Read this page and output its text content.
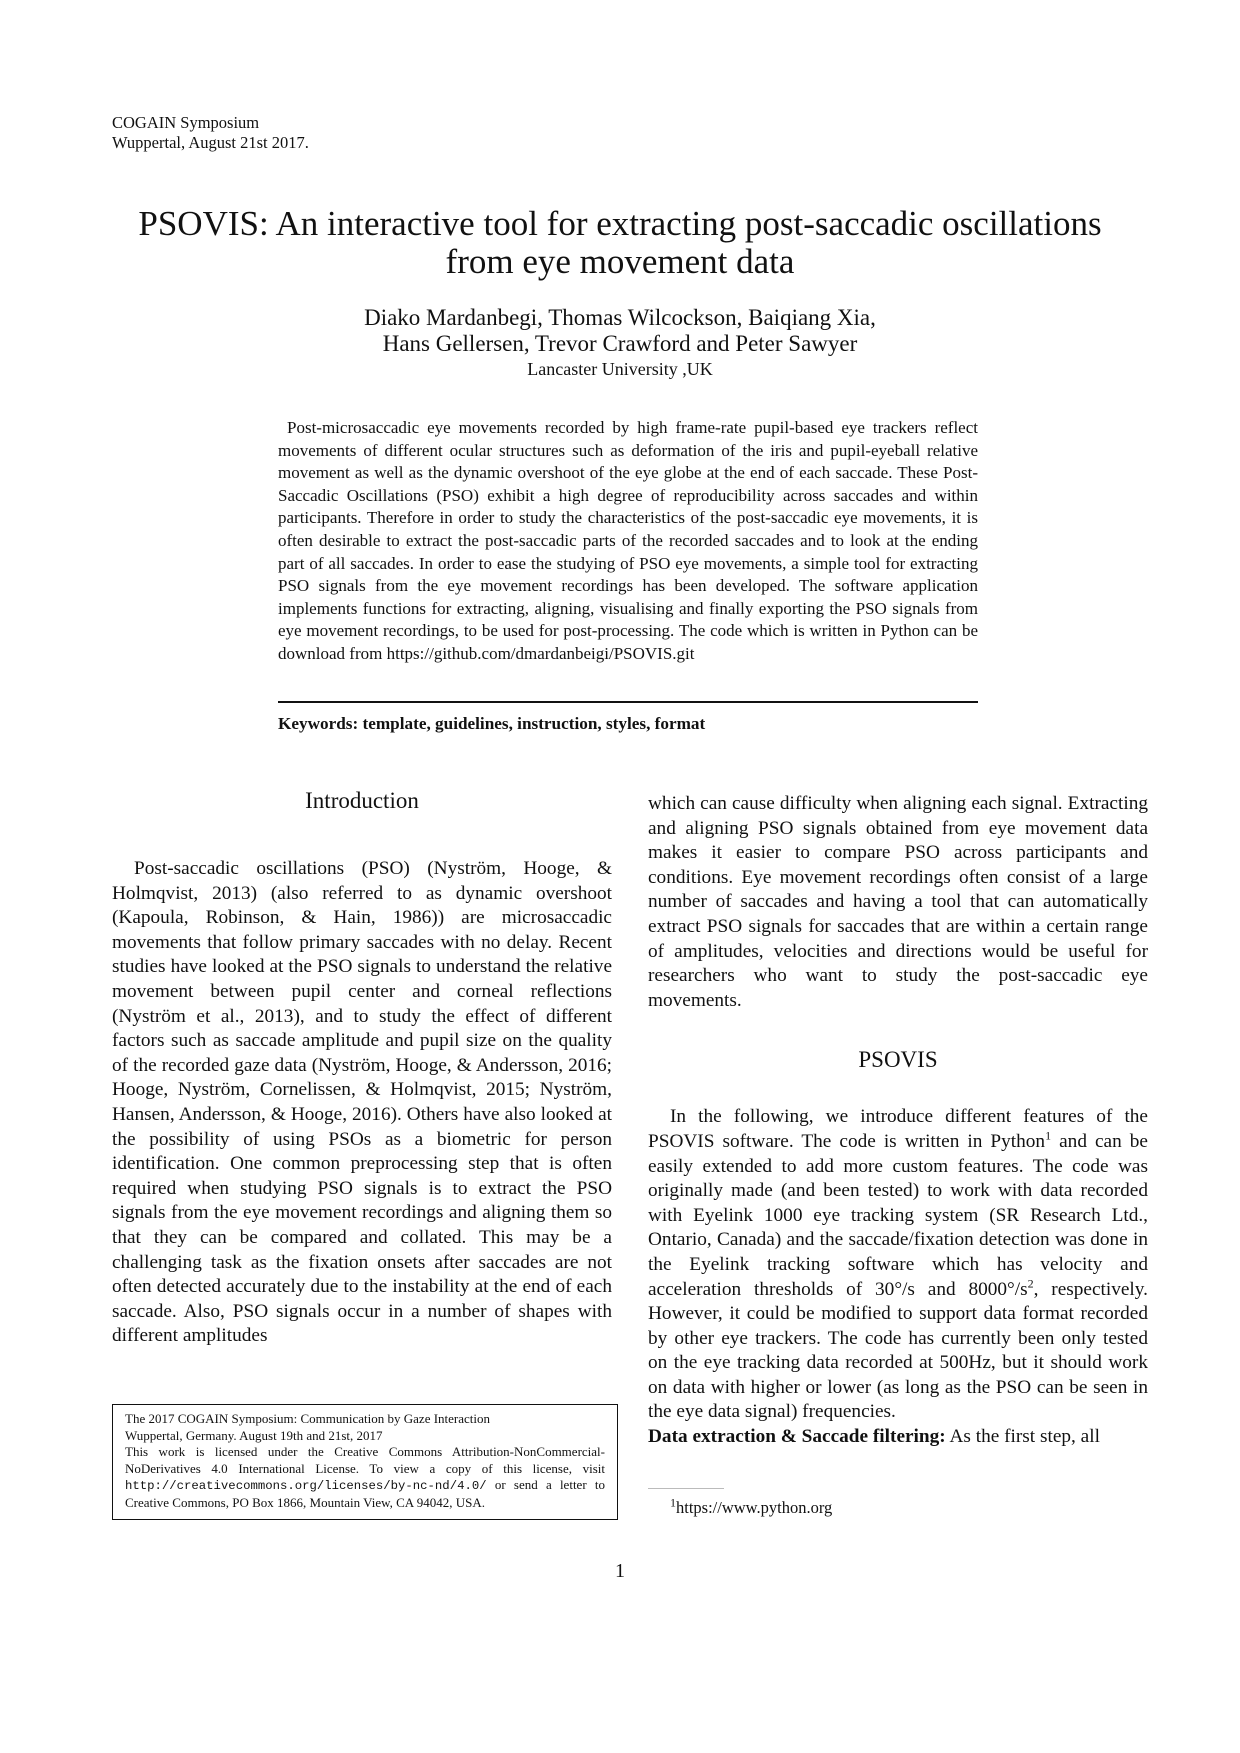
COGAIN Symposium
Wuppertal, August 21st 2017.
PSOVIS: An interactive tool for extracting post-saccadic oscillations
from eye movement data
Diako Mardanbegi, Thomas Wilcockson, Baiqiang Xia,
Hans Gellersen, Trevor Crawford and Peter Sawyer
Lancaster University ,UK
Post-microsaccadic eye movements recorded by high frame-rate pupil-based eye trackers reflect movements of different ocular structures such as deformation of the iris and pupil-eyeball relative movement as well as the dynamic overshoot of the eye globe at the end of each saccade. These Post-Saccadic Oscillations (PSO) exhibit a high degree of reproducibility across saccades and within participants. Therefore in order to study the characteristics of the post-saccadic eye movements, it is often desirable to extract the post-saccadic parts of the recorded saccades and to look at the ending part of all saccades. In order to ease the studying of PSO eye movements, a simple tool for extracting PSO signals from the eye movement recordings has been developed. The software application implements functions for extracting, aligning, visualising and finally exporting the PSO signals from eye movement recordings, to be used for post-processing. The code which is written in Python can be download from https://github.com/dmardanbeigi/PSOVIS.git
Keywords: template, guidelines, instruction, styles, format
Introduction

Post-saccadic oscillations (PSO) (Nyström, Hooge, & Holmqvist, 2013) (also referred to as dynamic overshoot (Kapoula, Robinson, & Hain, 1986)) are microsaccadic movements that follow primary saccades with no delay. Recent studies have looked at the PSO signals to understand the relative movement between pupil center and corneal reflections (Nyström et al., 2013), and to study the effect of different factors such as saccade amplitude and pupil size on the quality of the recorded gaze data (Nyström, Hooge, & Andersson, 2016; Hooge, Nyström, Cornelissen, & Holmqvist, 2015; Nyström, Hansen, Andersson, & Hooge, 2016). Others have also looked at the possibility of using PSOs as a biometric for person identification. One common preprocessing step that is often required when studying PSO signals is to extract the PSO signals from the eye movement recordings and aligning them so that they can be compared and collated. This may be a challenging task as the fixation onsets after saccades are not often detected accurately due to the instability at the end of each saccade. Also, PSO signals occur in a number of shapes with different amplitudes

which can cause difficulty when aligning each signal. Extracting and aligning PSO signals obtained from eye movement data makes it easier to compare PSO across participants and conditions. Eye movement recordings often consist of a large number of saccades and having a tool that can automatically extract PSO signals for saccades that are within a certain range of amplitudes, velocities and directions would be useful for researchers who want to study the post-saccadic eye movements.

PSOVIS

In the following, we introduce different features of the PSOVIS software. The code is written in Python$^1$ and can be easily extended to add more custom features. The code was originally made (and been tested) to work with data recorded with Eyelink 1000 eye tracking system (SR Research Ltd., Ontario, Canada) and the saccade/fixation detection was done in the Eyelink tracking software which has velocity and acceleration thresholds of 30°/s and $8000^\circ/s^2$, respectively. However, it could be modified to support data format recorded by other eye trackers. The code has currently been only tested on the eye tracking data recorded at 500Hz, but it should work on data with higher or lower (as long as the PSO can be seen in the eye data signal) frequencies.

Data extraction & Saccade filtering: As the first step, all

The 2017 COGAIN Symposium: Communication by Gaze Interaction
Wuppertal, Germany. August 19th and 21st, 2017
This work is licensed under the Creative Commons Attribution-NonCommercial-NoDerivatives 4.0 International License. To view a copy of this license, visit http://creativecommons.org/licenses/by-nc-nd/4.0/ or send a letter to Creative Commons, PO Box 1866, Mountain View, CA 94042, USA.	$^1$https://www.python.org
1
